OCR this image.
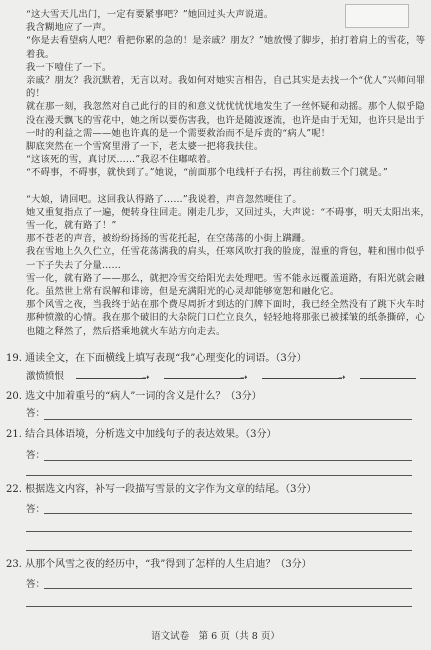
“这大雪天儿出门，一定有要紧事吧？”她回过头大声说道。
我含糊地应了一声。
“你是去看望病人吧？看把你累的急的！是亲戚？朋友？”她放慢了脚步，拍打着肩上的雪花，等着我。
我一下噎住了一下。
亲戚？朋友？我沉默着，无言以对。我如何对她实言相告，自己其实是去找一个“优人”兴师问罪的！
就在那一刻，我忽然对自己此行的目的和意义忧忧忧忧地发生了一丝怀疑和动摇。那个人似乎隐没在漫天飘飞的雪花中，她之所以要伤害我，也许是随波逐流，也许是由于无知，也许只是出于一时的利益之需——她也许真的是一个需要救治而不是斥责的“病人”呢！
脚底突然在一个雪窝里滑了一下，老太婆一把将我扶住。
“这该死的雪，真讨厌……”我忍不住嘟哝着。
“不碍事，不碍事，就快到了。”她说，“前面那个电线杆子右拐，再往前数三个门就是。”
“大娘，请回吧。这回我认得路了……”我说着，声音忽然哽住了。
她又重复指点了一遍，便转身往回走。刚走几步，又回过头，大声说：“不碍事，明天太阳出来，雪一化，就有路了！”
那不苍老的声音，被纷纷扬扬的雪花托起，在空荡荡的小街上蹒跚。
我在雪地上久久伫立，任雪花荡满我的肩头，任寒风吹打我的脸庞，湿重的背包，鞋和围巾似乎一下子失去了分量……
雪一化，就有路了——那么，就把冷雪交给阳光去处理吧。雪不能永远覆盖道路，有阳光就会融化。虽然世上常有误解和诽谤，但是充满阳光的心灵却能够宽恕和融化它。
那个风雪之夜，当我终于站在那个费尽周折才到达的门牌下面时，我已经全然没有了跳下火车时那种愤激的心情。我在那个破旧的大杂院门口伫立良久，轻轻地将那张已被揉皱的纸条撕碎，心也随之释然了，然后搭乘地就火车站方向走去。
19. 通读全文，在下面横线上填写表现“我”心理变化的词语。（3分）
激愤愤恨	➝	➝	➝
20. 选文中加着重号的“病人”一词的含义是什么？（3分）
答：
21. 结合具体语境，分析选文中加线句子的表达效果。（3分）
答：
22. 根据选文内容，补写一段描写雪景的文字作为文章的结尾。（3分）
答：
23. 从那个风雪之夜的经历中，“我”得到了怎样的人生启迪？（3分）
答：
语文试卷　第 6 页（共 8 页）
